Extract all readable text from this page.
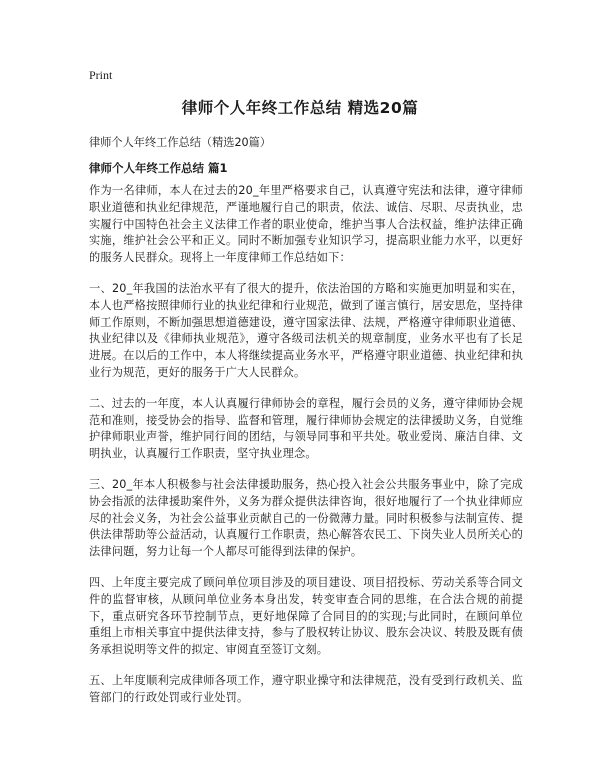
Print
律师个人年终工作总结 精选20篇

律师个人年终工作总结（精选20篇）

律师个人年终工作总结 篇1

作为一名律师，本人在过去的20_年里严格要求自己，认真遵守宪法和法律，遵守律师职业道德和执业纪律规范，严谨地履行自己的职责，依法、诚信、尽职、尽责执业，忠实履行中国特色社会主义法律工作者的职业使命，维护当事人合法权益，维护法律正确实施，维护社会公平和正义。同时不断加强专业知识学习，提高职业能力水平，以更好的服务人民群众。现将上一年度律师工作总结如下：

一、20_年我国的法治水平有了很大的提升，依法治国的方略和实施更加明显和实在，本人也严格按照律师行业的执业纪律和行业规范，做到了谨言慎行，居安思危，坚持律师工作原则，不断加强思想道德建设，遵守国家法律、法规，严格遵守律师职业道德、执业纪律以及《律师执业规范》，遵守各级司法机关的规章制度，业务水平也有了长足进展。在以后的工作中，本人将继续提高业务水平，严格遵守职业道德、执业纪律和执业行为规范，更好的服务于广大人民群众。

二、过去的一年度，本人认真履行律师协会的章程，履行会员的义务，遵守律师协会规范和准则，接受协会的指导、监督和管理，履行律师协会规定的法律援助义务，自觉维护律师职业声誉，维护同行间的团结，与领导同事和平共处。敬业爱岗、廉洁自律、文明执业，认真履行工作职责，坚守执业理念。

三、20_年本人积极参与社会法律援助服务，热心投入社会公共服务事业中，除了完成协会指派的法律援助案件外，义务为群众提供法律咨询，很好地履行了一个执业律师应尽的社会义务，为社会公益事业贡献自己的一份微薄力量。同时积极参与法制宣传、提供法律帮助等公益活动，认真履行工作职责，热心解答农民工、下岗失业人员所关心的法律问题，努力让每一个人都尽可能得到法律的保护。

四、上年度主要完成了顾问单位项目涉及的项目建设、项目招投标、劳动关系等合同文件的监督审核，从顾问单位业务本身出发，转变审查合同的思维，在合法合规的前提下，重点研究各环节控制节点，更好地保障了合同目的的实现;与此同时，在顾问单位重组上市相关事宜中提供法律支持，参与了股权转让协议、股东会决议、转股及既有债务承担说明等文件的拟定、审阅直至签订文刻。

五、上年度顺利完成律师各项工作，遵守职业操守和法律规范，没有受到行政机关、监管部门的行政处罚或行业处罚。
